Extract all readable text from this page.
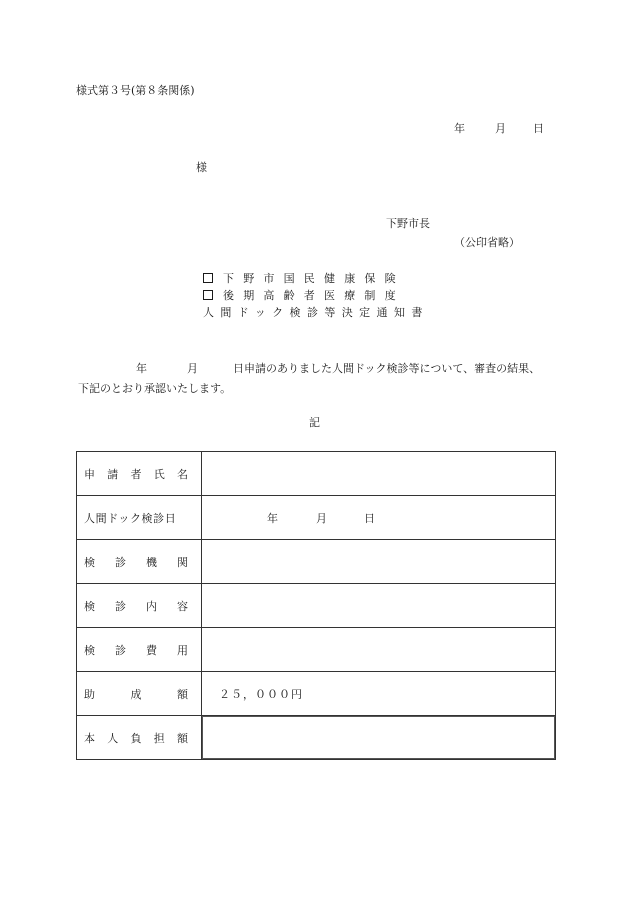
様式第３号(第８条関係)
年	月 日
様
下野市長
（公印省略）
下野市国民健康保険
後期高齢者医療制度
人間ドック検診等決定通知書
年	月	日申請のありました人間ドック検診等について、審査の結果、
下記のとおり承認いたします。
記
申請者氏名	

人間ドック検診日	年 月 日

検診機関	

検診内容	

検診費用	

助成額	２５，０００円

本人負担額	
